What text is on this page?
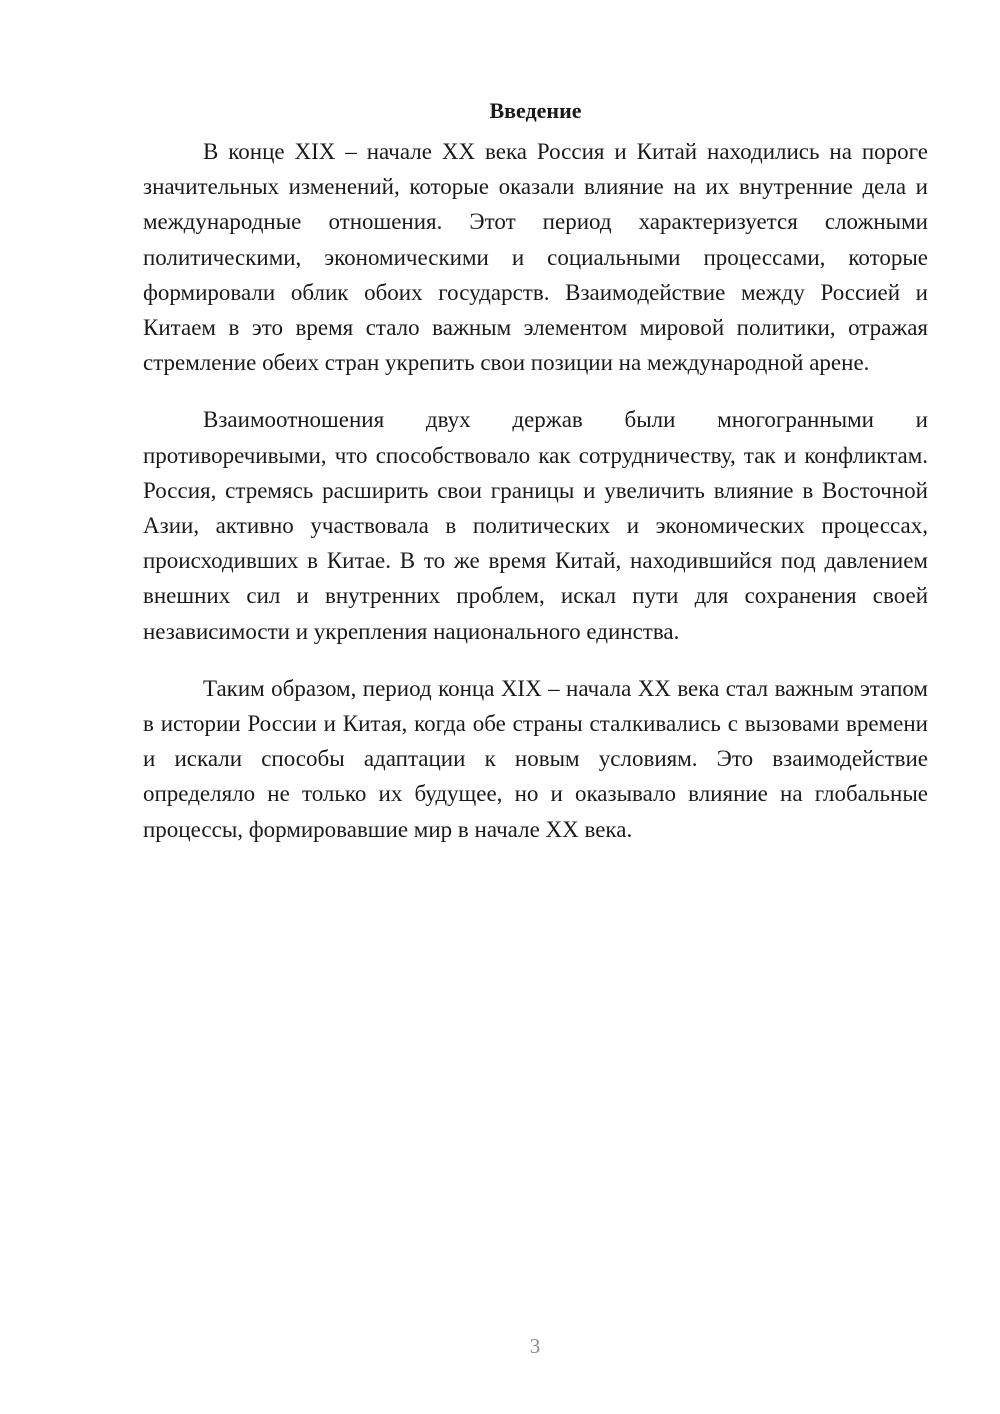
Введение

В конце XIX – начале XX века Россия и Китай находились на пороге значительных изменений, которые оказали влияние на их внутренние дела и международные отношения. Этот период характеризуется сложными политическими, экономическими и социальными процессами, которые формировали облик обоих государств. Взаимодействие между Россией и Китаем в это время стало важным элементом мировой политики, отражая стремление обеих стран укрепить свои позиции на международной арене.

Взаимоотношения двух держав были многогранными и противоречивыми, что способствовало как сотрудничеству, так и конфликтам. Россия, стремясь расширить свои границы и увеличить влияние в Восточной Азии, активно участвовала в политических и экономических процессах, происходивших в Китае. В то же время Китай, находившийся под давлением внешних сил и внутренних проблем, искал пути для сохранения своей независимости и укрепления национального единства.

Таким образом, период конца XIX – начала XX века стал важным этапом в истории России и Китая, когда обе страны сталкивались с вызовами времени и искали способы адаптации к новым условиям. Это взаимодействие определяло не только их будущее, но и оказывало влияние на глобальные процессы, формировавшие мир в начале XX века.

3
